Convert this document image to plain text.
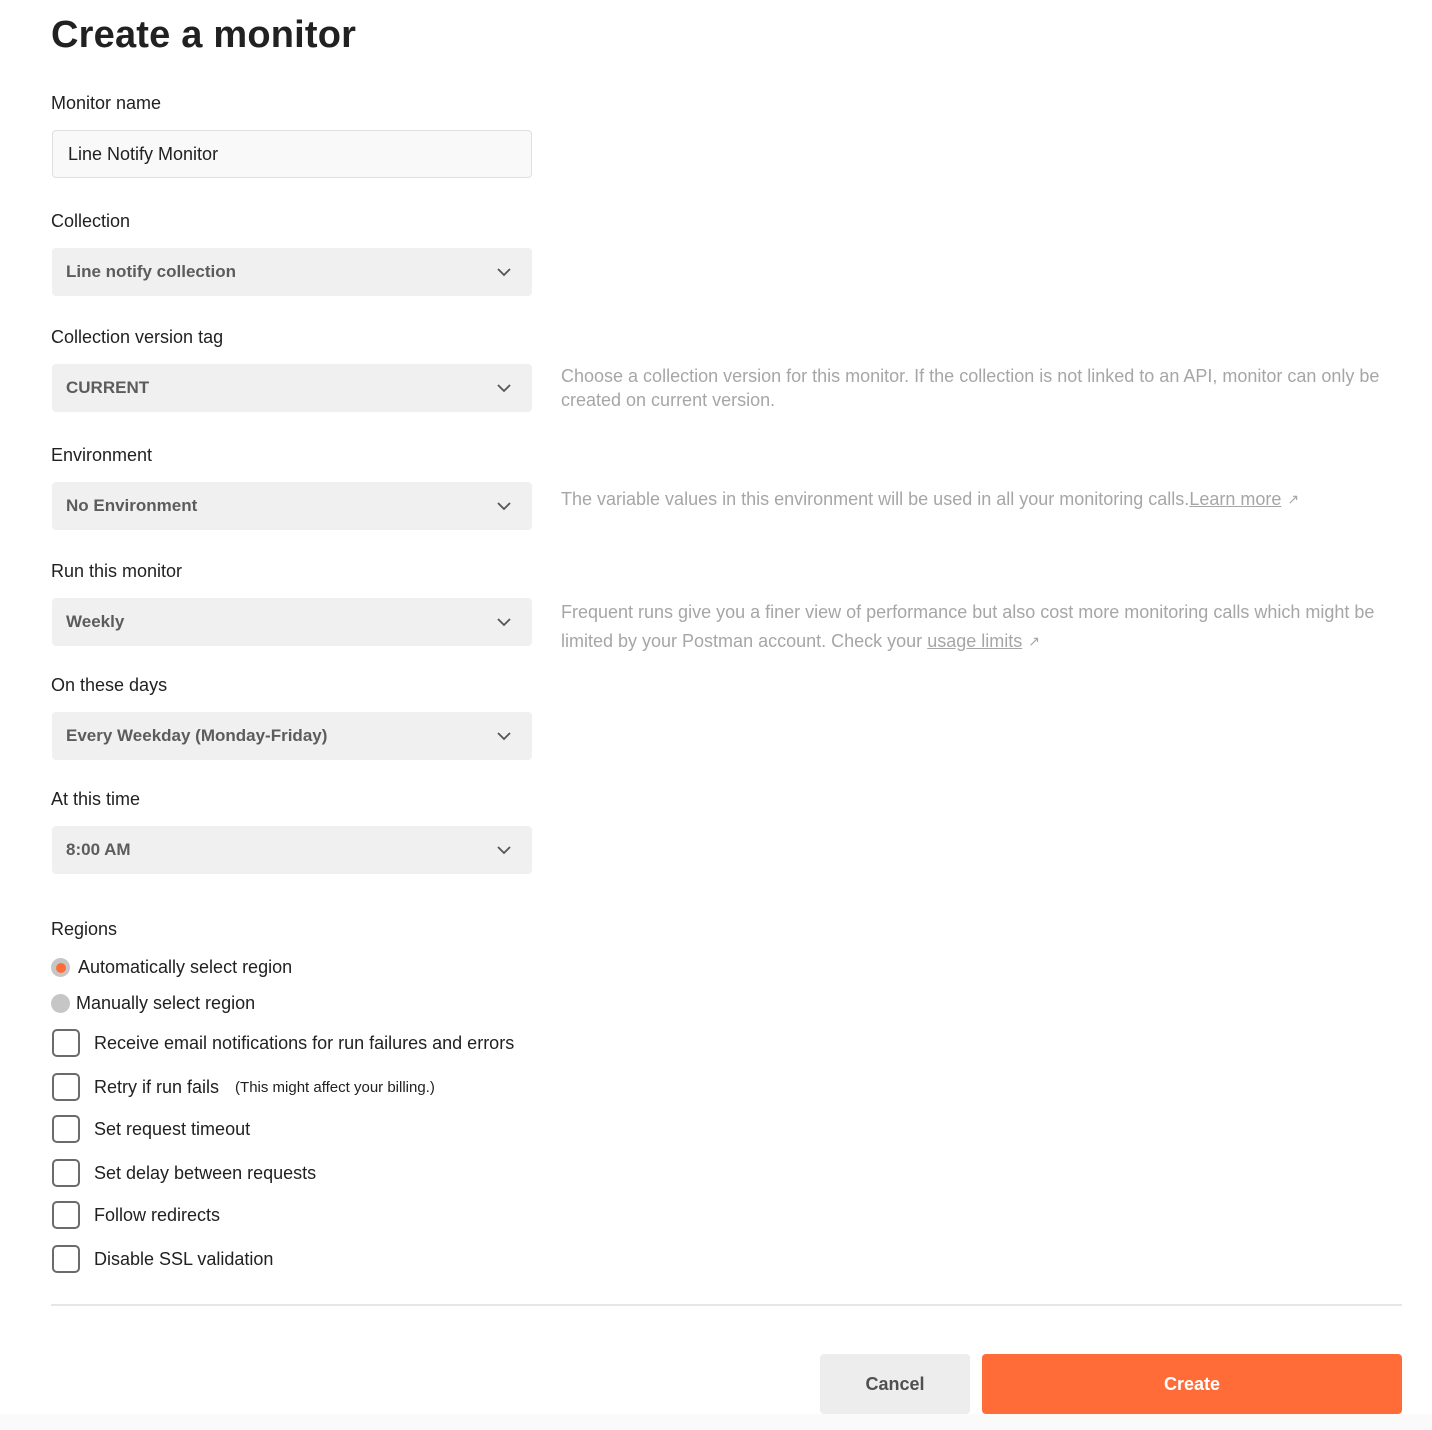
Create a monitor
Monitor name
Line Notify Monitor
Collection
Line notify collection
Collection version tag
CURRENT
Choose a collection version for this monitor. If the collection is not linked to an API, monitor can only be created on current version.
Environment
No Environment	The variable values in this environment will be used in all your monitoring calls.Learn more ↗
Run this monitor
Weekly	Frequent runs give you a finer view of performance but also cost more monitoring calls which might be limited by your Postman account. Check your usage limits ↗
On these days
Every Weekday (Monday-Friday)
At this time
8:00 AM
Regions
Automatically select region
Manually select region
Receive email notifications for run failures and errors
Retry if run fails (This might affect your billing.)
Set request timeout
Set delay between requests
Follow redirects
Disable SSL validation
Cancel	Create
